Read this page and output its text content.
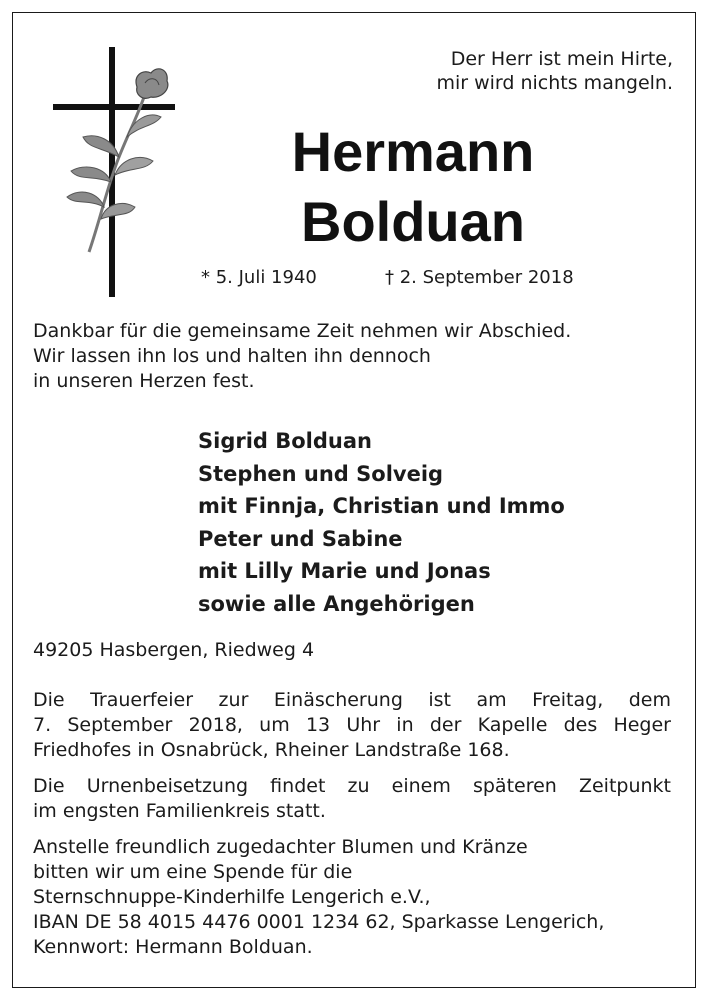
Der Herr ist mein Hirte,
mir wird nichts mangeln.
Hermann
Bolduan
* 5. Juli 1940	† 2. September 2018
Dankbar für die gemeinsame Zeit nehmen wir Abschied.
Wir lassen ihn los und halten ihn dennoch
in unseren Herzen fest.
Sigrid Bolduan
Stephen und Solveig
mit Finnja, Christian und Immo
Peter und Sabine
mit Lilly Marie und Jonas
sowie alle Angehörigen
49205 Hasbergen, Riedweg 4
Die Trauerfeier zur Einäscherung ist am Freitag, dem
7. September 2018, um 13 Uhr in der Kapelle des Heger
Friedhofes in Osnabrück, Rheiner Landstraße 168.
Die Urnenbeisetzung findet zu einem späteren Zeitpunkt
im engsten Familienkreis statt.
Anstelle freundlich zugedachter Blumen und Kränze
bitten wir um eine Spende für die
Sternschnuppe-Kinderhilfe Lengerich e.V.,
IBAN DE 58 4015 4476 0001 1234 62, Sparkasse Lengerich,
Kennwort: Hermann Bolduan.
